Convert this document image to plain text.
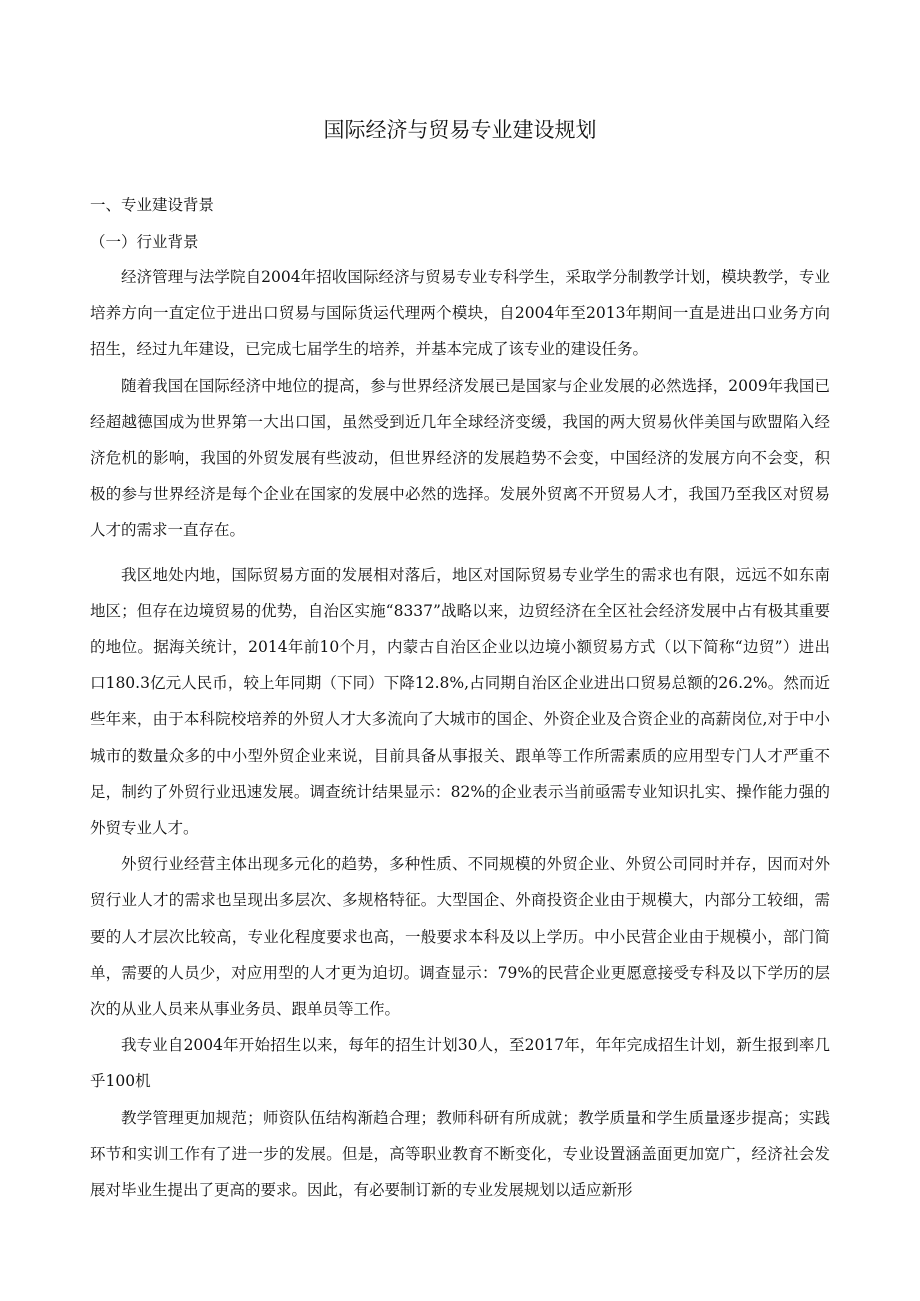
国际经济与贸易专业建设规划
一、专业建设背景
（一）行业背景

经济管理与法学院自2004年招收国际经济与贸易专业专科学生，采取学分制教学计划，模块教学，专业培养方向一直定位于进出口贸易与国际货运代理两个模块，自2004年至2013年期间一直是进出口业务方向招生，经过九年建设，已完成七届学生的培养，并基本完成了该专业的建设任务。

随着我国在国际经济中地位的提高，参与世界经济发展已是国家与企业发展的必然选择，2009年我国已经超越德国成为世界第一大出口国，虽然受到近几年全球经济变缓，我国的两大贸易伙伴美国与欧盟陷入经济危机的影响，我国的外贸发展有些波动，但世界经济的发展趋势不会变，中国经济的发展方向不会变，积极的参与世界经济是每个企业在国家的发展中必然的选择。发展外贸离不开贸易人才，我国乃至我区对贸易人才的需求一直存在。

我区地处内地，国际贸易方面的发展相对落后，地区对国际贸易专业学生的需求也有限，远远不如东南地区；但存在边境贸易的优势，自治区实施“8337”战略以来，边贸经济在全区社会经济发展中占有极其重要的地位。据海关统计，2014年前10个月，内蒙古自治区企业以边境小额贸易方式（以下简称“边贸”）进出口180.3亿元人民币，较上年同期（下同）下降12.8%,占同期自治区企业进出口贸易总额的26.2%。然而近些年来，由于本科院校培养的外贸人才大多流向了大城市的国企、外资企业及合资企业的高薪岗位,对于中小城市的数量众多的中小型外贸企业来说，目前具备从事报关、跟单等工作所需素质的应用型专门人才严重不足，制约了外贸行业迅速发展。调查统计结果显示：82%的企业表示当前亟需专业知识扎实、操作能力强的外贸专业人才。

外贸行业经营主体出现多元化的趋势，多种性质、不同规模的外贸企业、外贸公司同时并存，因而对外贸行业人才的需求也呈现出多层次、多规格特征。大型国企、外商投资企业由于规模大，内部分工较细，需要的人才层次比较高，专业化程度要求也高，一般要求本科及以上学历。中小民营企业由于规模小，部门简单，需要的人员少，对应用型的人才更为迫切。调查显示：79%的民营企业更愿意接受专科及以下学历的层次的从业人员来从事业务员、跟单员等工作。

我专业自2004年开始招生以来，每年的招生计划30人，至2017年，年年完成招生计划，新生报到率几乎100机

教学管理更加规范；师资队伍结构渐趋合理；教师科研有所成就；教学质量和学生质量逐步提高；实践环节和实训工作有了进一步的发展。但是，高等职业教育不断变化，专业设置涵盖面更加宽广，经济社会发展对毕业生提出了更高的要求。因此，有必要制订新的专业发展规划以适应新形
